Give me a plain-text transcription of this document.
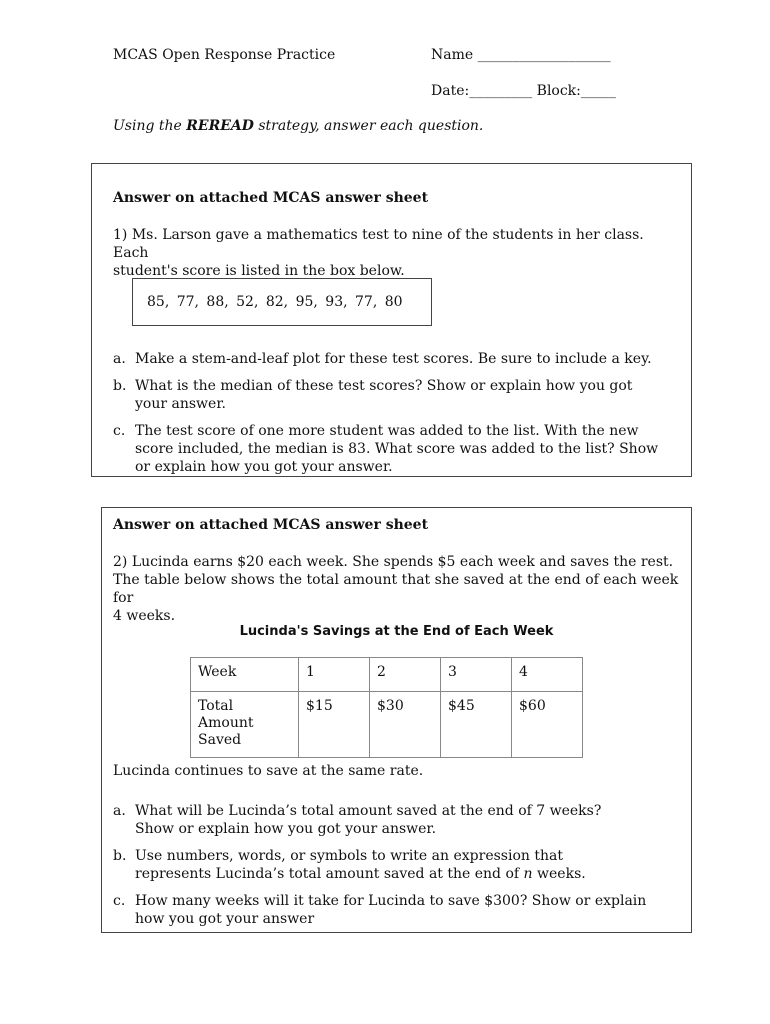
MCAS Open Response Practice	Name ___________________
Date:_________ Block:_____
Using the REREAD strategy, answer each question.
Answer on attached MCAS answer sheet
1) Ms. Larson gave a mathematics test to nine of the students in her class. Each
student's score is listed in the box below.
85, 77, 88, 52, 82, 95, 93, 77, 80
a. Make a stem-and-leaf plot for these test scores. Be sure to include a key.
b. What is the median of these test scores? Show or explain how you got your answer.
c. The test score of one more student was added to the list. With the new score included, the median is 83. What score was added to the list? Show or explain how you got your answer.
Answer on attached MCAS answer sheet
2) Lucinda earns $20 each week. She spends $5 each week and saves the rest.
The table below shows the total amount that she saved at the end of each week for
4 weeks.
Lucinda's Savings at the End of Each Week
Week	1	2	3	4
Total Amount Saved	$15	$30	$45	$60
Lucinda continues to save at the same rate.
a. What will be Lucinda’s total amount saved at the end of 7 weeks? Show or explain how you got your answer.
b. Use numbers, words, or symbols to write an expression that represents Lucinda’s total amount saved at the end of n weeks.
c. How many weeks will it take for Lucinda to save $300? Show or explain how you got your answer
